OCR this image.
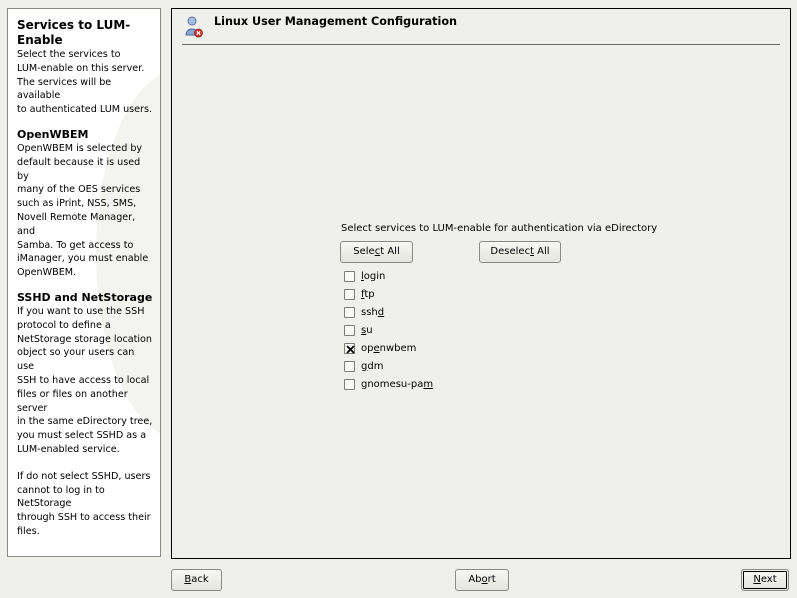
Services to LUM-Enable

Select the services to
LUM-enable on this server.
The services will be available
to authenticated LUM users.

OpenWBEM

OpenWBEM is selected by
default because it is used by
many of the OES services
such as iPrint, NSS, SMS,
Novell Remote Manager, and
Samba. To get access to
iManager, you must enable
OpenWBEM.

SSHD and NetStorage

If you want to use the SSH
protocol to define a
NetStorage storage location
object so your users can use
SSH to have access to local
files or files on another server
in the same eDirectory tree,
you must select SSHD as a
LUM-enabled service.

If do not select SSHD, users
cannot to log in to NetStorage
through SSH to access their
files.

Linux User Management Configuration
Select services to LUM-enable for authentication via eDirectory
Select All	Deselect All
login
ftp
sshd
su
openwbem
gdm
gnomesu-pam
Back	Abort	Next
